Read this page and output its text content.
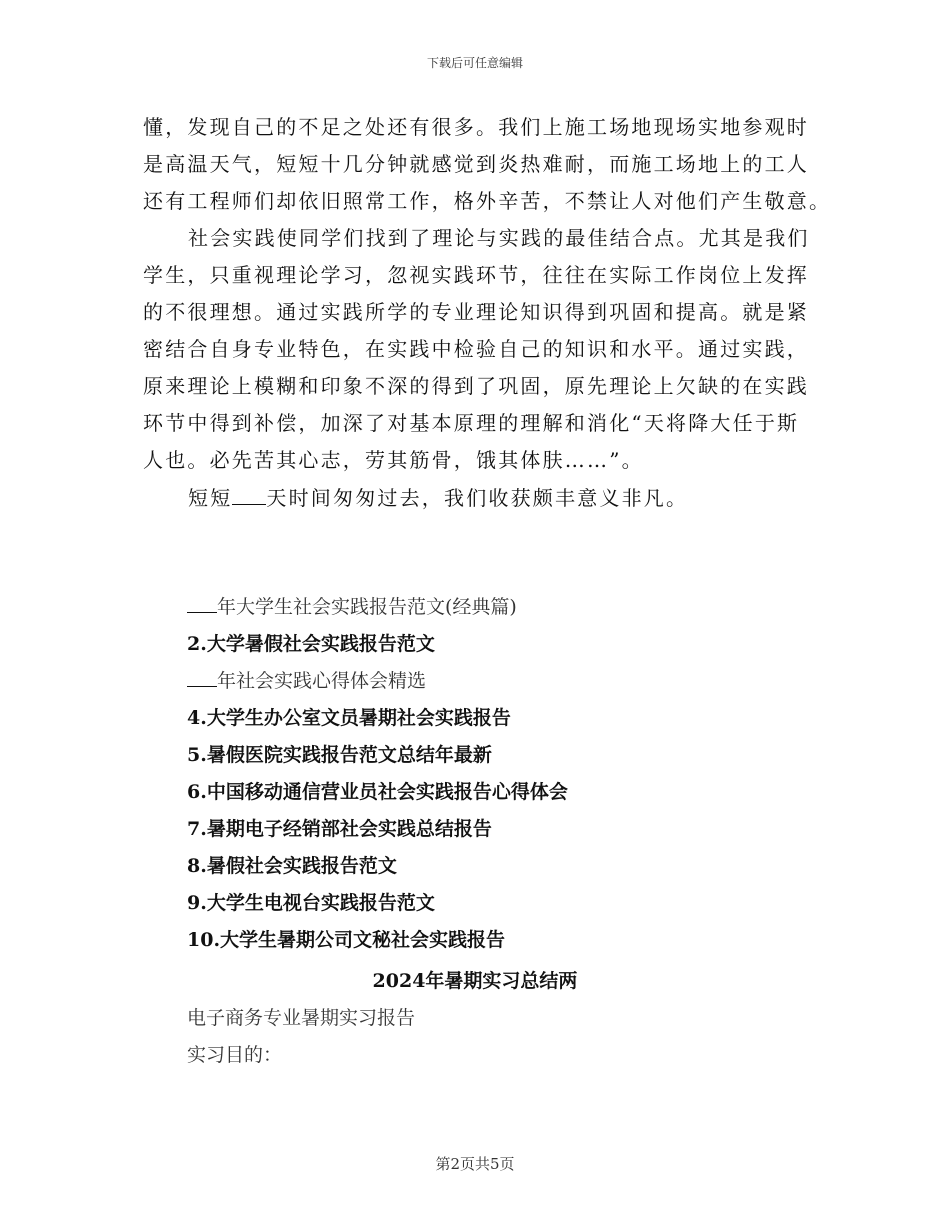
下载后可任意编辑
懂，发现自己的不足之处还有很多。我们上施工场地现场实地参观时
是高温天气，短短十几分钟就感觉到炎热难耐，而施工场地上的工人
还有工程师们却依旧照常工作，格外辛苦，不禁让人对他们产生敬意。
社会实践使同学们找到了理论与实践的最佳结合点。尤其是我们
学生，只重视理论学习，忽视实践环节，往往在实际工作岗位上发挥
的不很理想。通过实践所学的专业理论知识得到巩固和提高。就是紧
密结合自身专业特色，在实践中检验自己的知识和水平。通过实践，
原来理论上模糊和印象不深的得到了巩固，原先理论上欠缺的在实践
环节中得到补偿，加深了对基本原理的理解和消化“天将降大任于斯
人也。必先苦其心志，劳其筋骨，饿其体肤……”。
短短 天时间匆匆过去，我们收获颇丰意义非凡。
年大学生社会实践报告范文(经典篇)
2.大学暑假社会实践报告范文
年社会实践心得体会精选
4.大学生办公室文员暑期社会实践报告
5.暑假医院实践报告范文总结年最新
6.中国移动通信营业员社会实践报告心得体会
7.暑期电子经销部社会实践总结报告
8.暑假社会实践报告范文
9.大学生电视台实践报告范文
10.大学生暑期公司文秘社会实践报告
2024年暑期实习总结两
电子商务专业暑期实习报告
实习目的：
第2页共5页
